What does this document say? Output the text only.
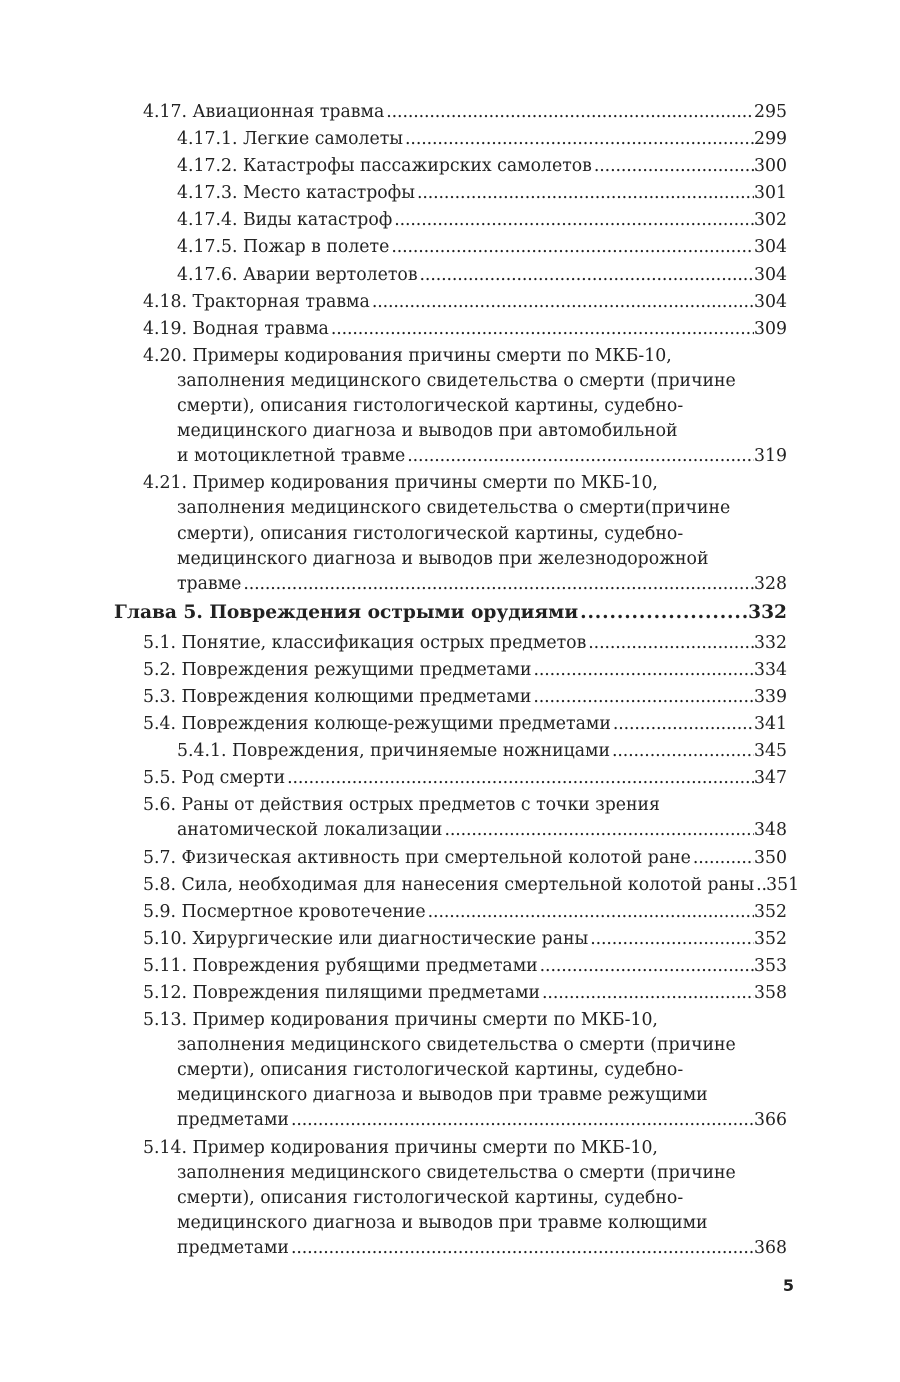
4.17. Авиационная травма . . .	295
4.17.1. Легкие самолеты . . .	299
4.17.2. Катастрофы пассажирских самолетов . . .	300
4.17.3. Место катастрофы . . .	301
4.17.4. Виды катастроф . . .	302
4.17.5. Пожар в полете . . .	304
4.17.6. Аварии вертолетов . . .	304
4.18. Тракторная травма . . .	304
4.19. Водная травма . . .	309
4.20. Примеры кодирования причины смерти по МКБ-10,
заполнения медицинского свидетельства о смерти (причине
смерти), описания гистологической картины, судебно-
медицинского диагноза и выводов при автомобильной
и мотоциклетной травме . . .	319
4.21. Пример кодирования причины смерти по МКБ-10,
заполнения медицинского свидетельства о смерти(причине
смерти), описания гистологической картины, судебно-
медицинского диагноза и выводов при железнодорожной
травме . . .	328
Глава 5. Повреждения острыми орудиями . . .	332
5.1. Понятие, классификация острых предметов . . .	332
5.2. Повреждения режущими предметами . . .	334
5.3. Повреждения колющими предметами . . .	339
5.4. Повреждения колюще-режущими предметами . . .	341
5.4.1. Повреждения, причиняемые ножницами . . .	345
5.5. Род смерти . . .	347
5.6. Раны от действия острых предметов с точки зрения
анатомической локализации . . .	348
5.7. Физическая активность при смертельной колотой ране . . .	350
5.8. Сила, необходимая для нанесения смертельной колотой раны . . . 351
5.9. Посмертное кровотечение . . .	352
5.10. Хирургические или диагностические раны . . .	352
5.11. Повреждения рубящими предметами . . .	353
5.12. Повреждения пилящими предметами . . .	358
5.13. Пример кодирования причины смерти по МКБ-10,
заполнения медицинского свидетельства о смерти (причине
смерти), описания гистологической картины, судебно-
медицинского диагноза и выводов при травме режущими
предметами . . .	366
5.14. Пример кодирования причины смерти по МКБ-10,
заполнения медицинского свидетельства о смерти (причине
смерти), описания гистологической картины, судебно-
медицинского диагноза и выводов при травме колющими
предметами . . .	368
5
